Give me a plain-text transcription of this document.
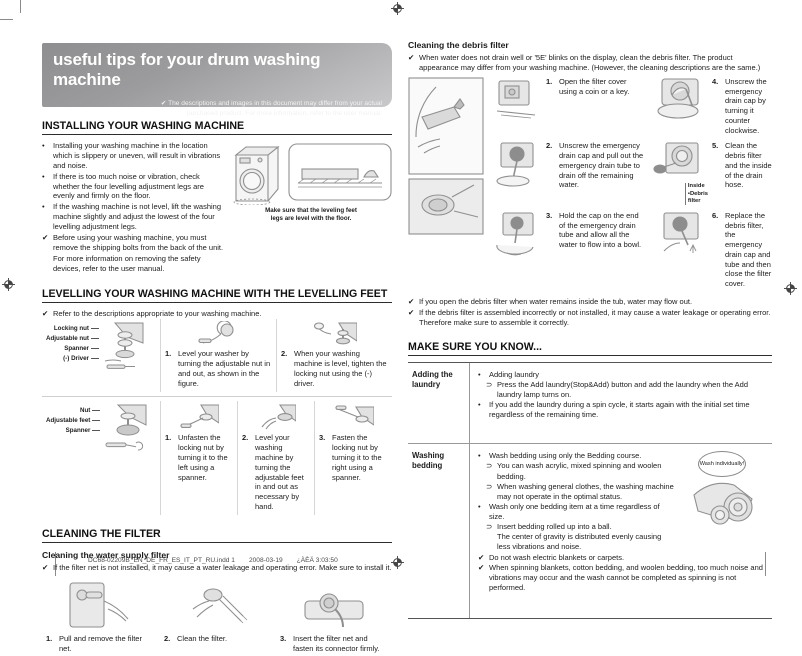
useful tips for your drum washing machine
✔ The descriptions and images in this document may differ from your actual
purchased product. For more information, refer to the user manual.
INSTALLING YOUR WASHING MACHINE
•	Installing your washing machine in the location which is slippery or uneven, will result in vibrations and noise.
•	If there is too much noise or vibration, check whether the four levelling adjustment legs are evenly and firmly on the floor.
•	If the washing machine is not level, lift the washing machine slightly and adjust the lowest of the four levelling adjustment legs.
✔ Before using your washing machine, you must remove the shipping bolts from the back of the unit.
For more information on removing the safety devices, refer to the user manual.
Make sure that the leveling feet
legs are level with the floor.
LEVELLING YOUR WASHING MACHINE WITH THE LEVELLING FEET
✔ Refer to the descriptions appropriate to your washing machine.
Locking nut
Adjustable nut
Spanner
(-) Driver
1. Level your washer by turning the adjustable nut in and out, as shown in the figure.
2. When your washing machine is level, tighten the locking nut using the (-) driver.
Nut
Adjustable feet
Spanner
1. Unfasten the locking nut by turning it to the left using a spanner.
2. Level your washing machine by turning the adjustable feet in and out as necessary by hand.
3. Fasten the locking nut by turning it to the right using a spanner.
CLEANING THE FILTER
Cleaning the water supply filter
✔ If the filter net is not installed, it may cause a water leakage and operating error. Make sure to install it.
1. Pull and remove the filter net.
2. Clean the filter.	3. Insert the filter net and fasten its connector firmly.
Cleaning the debris filter
✔ When water does not drain well or '5E' blinks on the display, clean the debris filter. The product appearance may differ from your washing machine. (However, the cleaning descriptions are the same.)
1. Open the filter cover using a coin or a key.
4. Unscrew the emergency drain cap by turning it counter clockwise.
2. Unscrew the emergency drain cap and pull out the emergency drain tube to drain off the remaining water.	Inside
•Debris
filter
5. Clean the debris filter and the inside of the drain hose.
3. Hold the cap on the end of the emergency drain tube and allow all the water to flow into a bowl.
6. Replace the debris filter, the emergency drain cap and tube and then close the filter cover.
✔ If you open the debris filter when water remains inside the tub, water may flow out.
✔ If the debris filter is assembled incorrectly or not installed, it may cause a water leakage or operating error. Therefore make sure to assemble it correctly.
MAKE SURE YOU KNOW...
Adding the laundry
•	Adding laundry
⊃ Press the Add laundry(Stop&Add) button and add the laundry when the Add laundry lamp turns on.
•	If you add the laundry during a spin cycle, it starts again with the initial set time regardless of the remaining time.
Washing bedding	Wash individually!
•	Wash bedding using only the Bedding course.
⊃ You can wash acrylic, mixed spinning and woolen bedding.
⊃ When washing general clothes, the washing machine may not operate in the optimal status.
•	Wash only one bedding item at a time regardless of size.
⊃ Insert bedding rolled up into a ball.
The center of gravity is distributed evenly causing less vibrations and noise.
✔ Do not wash electric blankets or carpets.
✔ When spinning blankets, cotton bedding, and woolen bedding, too much noise and vibrations may occur and the wash cannot be completed as spinning is not performed.
DC68-02209B_EN_DE_FR_ES_IT_PT_RU.indd 1 2008-03-19 ¿ÀÈÄ 3:03:50
